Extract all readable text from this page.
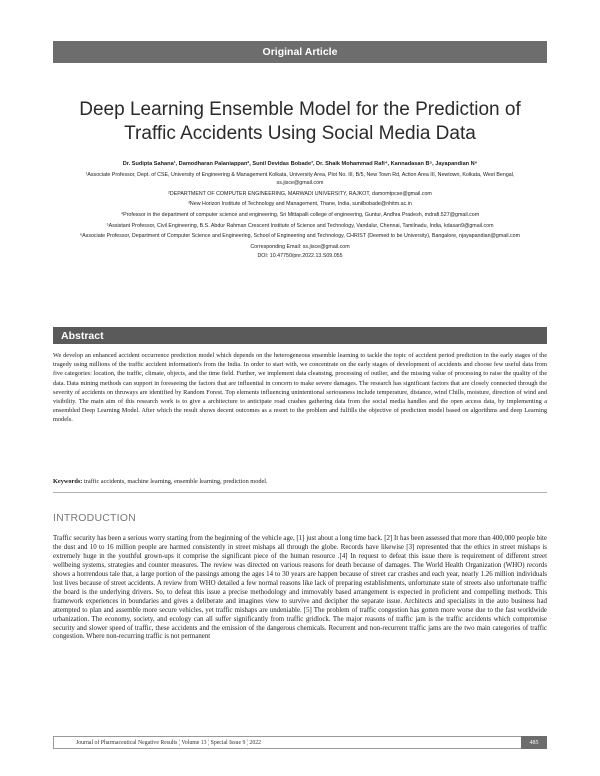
Original Article
Deep Learning Ensemble Model for the Prediction of
Traffic Accidents Using Social Media Data
Dr. Sudipta Sahana¹, Damodharan Palaniappan², Sunil Devidas Bobade³, Dr. Shaik Mohammad Rafi⁴, Kannadasan B⁵, Jayapandian N⁶
¹Associate Professor, Dept. of CSE, University of Engineering & Management Kolkata, University Area, Plot No. III, B/5, New Town Rd, Action Area III, Newtown, Kolkata, West Bengal, ss.jisce@gmail.com
²DEPARTMENT OF COMPUTER ENGINEERING, MARWADI UNIVERSITY, RAJKOT, damomtpcse@gmail.com
³New Horizon Institute of Technology and Management, Thane, India, sunilbobade@nhitm.ac.in
⁴Professor in the department of computer science and engineering, Sri Mittapalli college of engineering, Guntur, Andhra Pradesh, mdrafi.527@gmail.com
⁵Assistant Professor, Civil Engineering, B.S. Abdur Rahman Crescent Institute of Science and Technology, Vandalur, Chennai, Tamilnadu, India, kdasan9@gmail.com
⁶Associate Professor, Department of Computer Science and Engineering, School of Engineering and Technology, CHRIST (Deemed to be University), Bangalore, njayapandian@gmail.com
Corresponding Email: ss.jisce@gmail.com
DOI: 10.47750/pnr.2022.13.S09.055
Abstract
We develop an enhanced accident occurrence prediction model which depends on the heterogeneous ensemble learning to tackle the topic of accident period prediction in the early stages of the tragedy using millions of the traffic accident information's from the India. In order to start with, we concentrate on the early stages of development of accidents and choose few useful data from five categories: location, the traffic, climate, objects, and the time field. Further, we implement data cleansing, processing of outlier, and the missing value of processing to raise the quality of the data. Data mining methods can support in foreseeing the factors that are influential in concern to make severe damages. The research has significant factors that are closely connected through the severity of accidents on thruways are identified by Random Forest. Top elements influencing unintentional seriousness include temperature, distance, wind Chills, moisture, direction of wind and visibility. The main aim of this research work is to give a architecture to anticipate road crashes gathering data from the social media handles and the open access data, by implementing a ensembled Deep Learning Model. After which the result shows decent outcomes as a resort to the problem and fulfills the objective of prediction model based on algorithms and deep Learning models.
Keywords: traffic accidents, machine learning, ensemble learning, prediction model.
INTRODUCTION
Traffic security has been a serious worry starting from the beginning of the vehicle age, [1] just about a long time back. [2] It has been assessed that more than 400,000 people bite the dust and 10 to 16 million people are harmed consistently in street mishaps all through the globe. Records have likewise [3] represented that the ethics in street mishaps is extremely huge in the youthful grown-ups it comprise the significant piece of the human resource .[4] In request to defeat this issue there is requirement of different street wellbeing systems, strategies and counter measures. The review was directed on various reasons for death because of damages. The World Health Organization (WHO) records shows a horrendous tale that, a large portion of the passings among the ages 14 to 30 years are happen because of street car crashes and each year, nearly 1.26 million individuals lost lives because of street accidents. A review from WHO detailed a few normal reasons like lack of preparing establishments, unfortunate state of streets also unfortunate traffic the board is the underlying drivers. So, to defeat this issue a precise methodology and immovably based arrangement is expected in proficient and compelling methods. This framework experiences in boundaries and gives a deliberate and imagines view to survive and decipher the separate issue. Architects and specialists in the auto business had attempted to plan and assemble more secure vehicles, yet traffic mishaps are undeniable. [5] The problem of traffic congestion has gotten more worse due to the fast worldwide urbanization. The economy, society, and ecology can all suffer significantly from traffic gridlock. The major reasons of traffic jam is the traffic accidents which compromise security and slower speed of traffic, these accidents and the emission of the dangerous chemicals. Recurrent and non-recurrent traffic jams are the two main categories of traffic congestion. Where non-recurring traffic is not permanent
Journal of Pharmaceutical Negative Results ¦ Volume 13 ¦ Special Issue 9 ¦ 2022	485
